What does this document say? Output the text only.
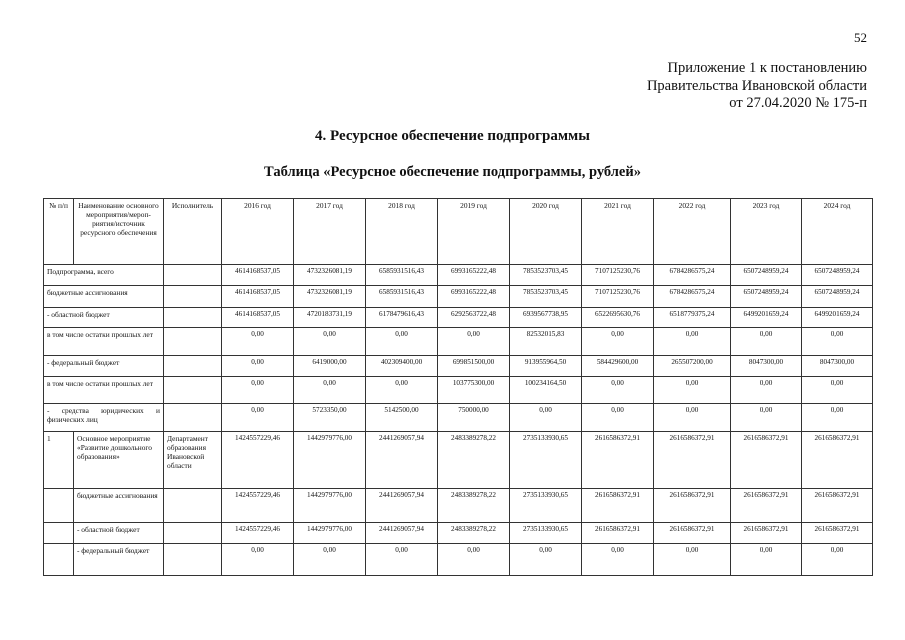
52
Приложение 1 к постановлению
Правительства Ивановской области
от 27.04.2020 № 175-п
4. Ресурсное обеспечение подпрограммы
Таблица «Ресурсное обеспечение подпрограммы, рублей»
№ п/п	Наименование основного мероприятия/мероп-риятия/источник ресурсного обеспечения	Исполнитель	2016 год	2017 год	2018 год	2019 год	2020 год	2021 год	2022 год	2023 год	2024 год
Подпрограмма, всего			4614168537,05	4732326081,19	6585931516,43	6993165222,48	7853523703,45	7107125230,76	6784286575,24	6507248959,24	6507248959,24
бюджетные ассигнования			4614168537,05	4732326081,19	6585931516,43	6993165222,48	7853523703,45	7107125230,76	6784286575,24	6507248959,24	6507248959,24
- областной бюджет			4614168537,05	4720183731,19	6178479616,43	6292563722,48	6939567738,95	6522695630,76	6518779375,24	6499201659,24	6499201659,24
в том числе остатки прошлых лет			0,00	0,00	0,00	0,00	82532015,83	0,00	0,00	0,00	0,00
- федеральный бюджет			0,00	6419000,00	402309400,00	699851500,00	913955964,50	584429600,00	265507200,00	8047300,00	8047300,00
в том числе остатки прошлых лет			0,00	0,00	0,00	103775300,00	100234164,50	0,00	0,00	0,00	0,00
- средства юридических и физических лиц			0,00	5723350,00	5142500,00	750000,00	0,00	0,00	0,00	0,00	0,00
1	Основное мероприятие «Развитие дошкольного образования»	Департамент образования Ивановской области	1424557229,46	1442979776,00	2441269057,94	2483389278,22	2735133930,65	2616586372,91	2616586372,91	2616586372,91	2616586372,91
	бюджетные ассигнования		1424557229,46	1442979776,00	2441269057,94	2483389278,22	2735133930,65	2616586372,91	2616586372,91	2616586372,91	2616586372,91
	- областной бюджет		1424557229,46	1442979776,00	2441269057,94	2483389278,22	2735133930,65	2616586372,91	2616586372,91	2616586372,91	2616586372,91
	- федеральный бюджет		0,00	0,00	0,00	0,00	0,00	0,00	0,00	0,00	0,00
